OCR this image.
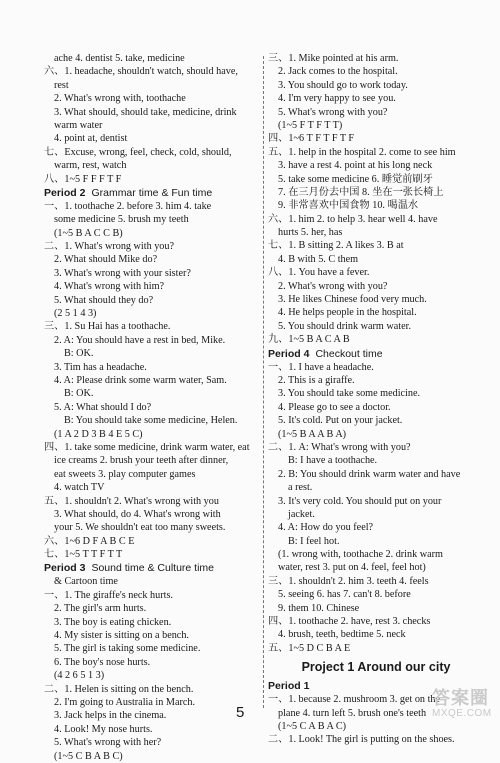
ache 4. dentist 5. take, medicine
六、1. headache, shouldn't watch, should have,
rest
2. What's wrong with, toothache
3. What should, should take, medicine, drink
warm water
4. point at, dentist
七、Excuse, wrong, feel, check, cold, should,
warm, rest, watch
八、1~5 F F F T F
Period 2 Grammar time & Fun time
一、1. toothache 2. before 3. him 4. take
some medicine 5. brush my teeth
(1~5 B A C C B)
二、1. What's wrong with you?
2. What should Mike do?
3. What's wrong with your sister?
4. What's wrong with him?
5. What should they do?
(2 5 1 4 3)
三、1. Su Hai has a toothache.
2. A: You should have a rest in bed, Mike.
B: OK.
3. Tim has a headache.
4. A: Please drink some warm water, Sam.
B: OK.
5. A: What should I do?
B: You should take some medicine, Helen.
(1 A 2 D 3 B 4 E 5 C)
四、1. take some medicine, drink warm water, eat
ice creams 2. brush your teeth after dinner,
eat sweets 3. play computer games
4. watch TV
五、1. shouldn't 2. What's wrong with you
3. What should, do 4. What's wrong with
your 5. We shouldn't eat too many sweets.
六、1~6 D F A B C E
七、1~5 T T F T T
Period 3 Sound time & Culture time
& Cartoon time
一、1. The giraffe's neck hurts.
2. The girl's arm hurts.
3. The boy is eating chicken.
4. My sister is sitting on a bench.
5. The girl is taking some medicine.
6. The boy's nose hurts.
(4 2 6 5 1 3)
二、1. Helen is sitting on the bench.
2. I'm going to Australia in March.
3. Jack helps in the cinema.
4. Look! My nose hurts.
5. What's wrong with her?
(1~5 C B A B C)
三、1. Mike pointed at his arm.
2. Jack comes to the hospital.
3. You should go to work today.
4. I'm very happy to see you.
5. What's wrong with you?
(1~5 F T F T T)
四、1~6 T F T F T F
五、1. help in the hospital 2. come to see him
3. have a rest 4. point at his long neck
5. take some medicine 6. 睡觉前刷牙
7. 在三月份去中国 8. 坐在一张长椅上
9. 非常喜欢中国食物 10. 喝温水
六、1. him 2. to help 3. hear well 4. have
hurts 5. her, has
七、1. B sitting 2. A likes 3. B at
4. B with 5. C them
八、1. You have a fever.
2. What's wrong with you?
3. He likes Chinese food very much.
4. He helps people in the hospital.
5. You should drink warm water.
九、1~5 B A C A B
Period 4 Checkout time
一、1. I have a headache.
2. This is a giraffe.
3. You should take some medicine.
4. Please go to see a doctor.
5. It's cold. Put on your jacket.
(1~5 B A A B A)
二、1. A: What's wrong with you?
B: I have a toothache.
2. B: You should drink warm water and have
a rest.
3. It's very cold. You should put on your
jacket.
4. A: How do you feel?
B: I feel hot.
(1. wrong with, toothache 2. drink warm
water, rest 3. put on 4. feel, feel hot)
三、1. shouldn't 2. him 3. teeth 4. feels
5. seeing 6. has 7. can't 8. before
9. them 10. Chinese
四、1. toothache 2. have, rest 3. checks
4. brush, teeth, bedtime 5. neck
五、1~5 D C B A E
Project 1 Around our city
Period 1
一、1. because 2. mushroom 3. get on the
plane 4. turn left 5. brush one's teeth
(1~5 C A B A C)
二、1. Look! The girl is putting on the shoes.
5
答案圈
MXQE.COM
